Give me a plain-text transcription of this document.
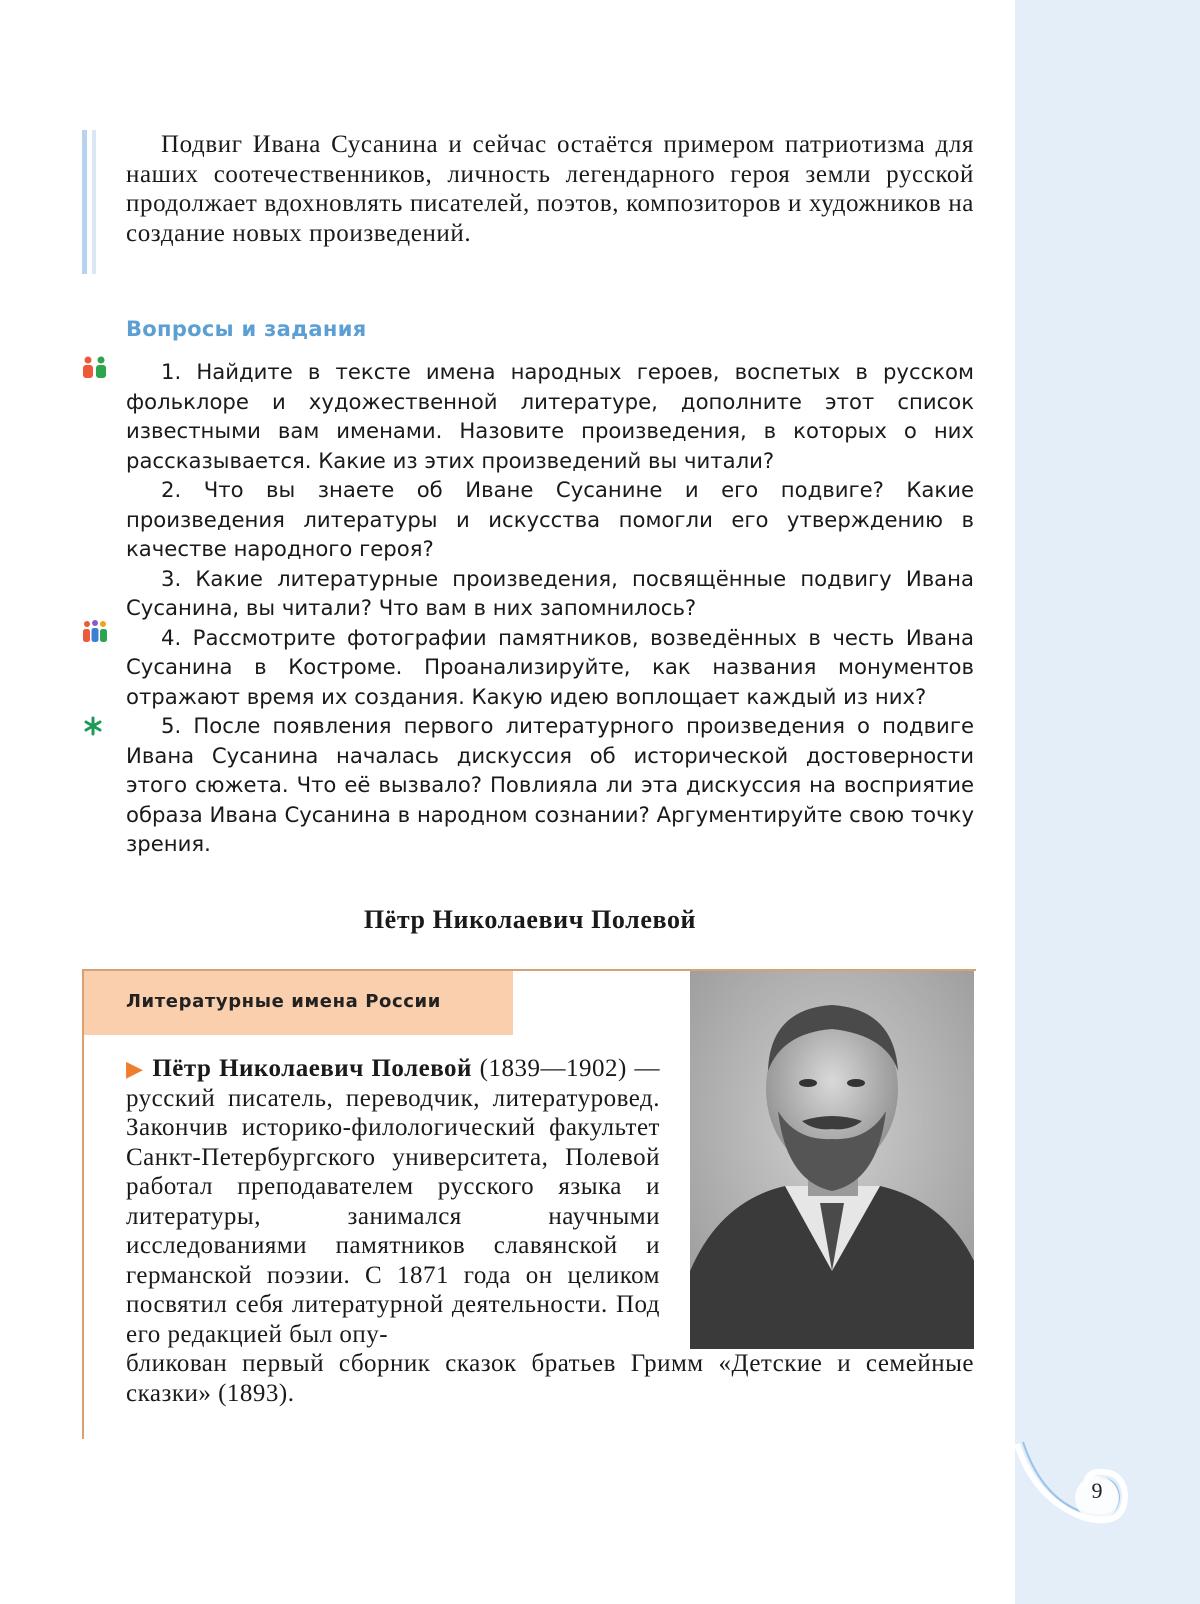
Подвиг Ивана Сусанина и сейчас остаётся примером патриотизма для наших соотечественников, личность легендарного героя земли русской продолжает вдохновлять писателей, поэтов, композиторов и художников на создание новых произведений.

Вопросы и задания

1. Найдите в тексте имена народных героев, воспетых в русском фольклоре и художественной литературе, дополните этот список известными вам именами. Назовите произведения, в которых о них рассказывается. Какие из этих произведений вы читали?

2. Что вы знаете об Иване Сусанине и его подвиге? Какие произведения литературы и искусства помогли его утверждению в качестве народного героя?

3. Какие литературные произведения, посвящённые подвигу Ивана Сусанина, вы читали? Что вам в них запомнилось?

4. Рассмотрите фотографии памятников, возведённых в честь Ивана Сусанина в Костроме. Проанализируйте, как названия монументов отражают время их создания. Какую идею воплощает каждый из них?

5. После появления первого литературного произведения о подвиге Ивана Сусанина началась дискуссия об исторической достоверности этого сюжета. Что её вызвало? Повлияла ли эта дискуссия на восприятие образа Ивана Сусанина в народном сознании? Аргументируйте свою точку зрения.

Пётр Николаевич Полевой
Литературные имена России

▶ Пётр Николаевич Полевой (1839—1902) — русский писатель, переводчик, литературовед. Закончив историко-филологический факультет Санкт-Петербургского университета, Полевой работал преподавателем русского языка и литературы, занимался научными исследованиями памятников славянской и германской поэзии. С 1871 года он целиком посвятил себя литературной деятельности. Под его редакцией был опу-

бликован первый сборник сказок братьев Гримм «Детские и семейные сказки» (1893).

9
